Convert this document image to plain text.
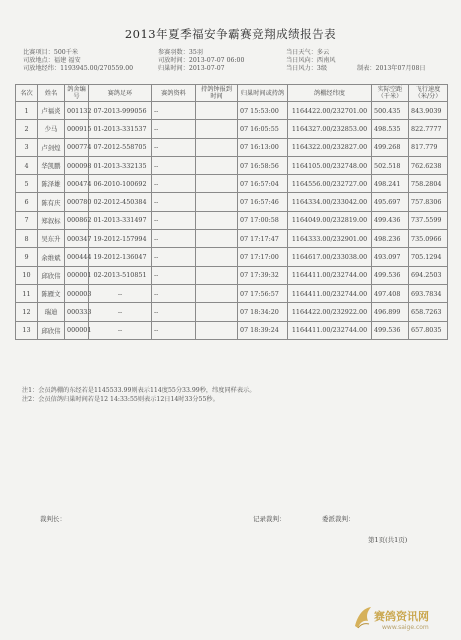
2013年夏季福安争霸赛竞翔成绩报告表
比赛项目：500千米	参赛羽数：35羽	当日天气：多云
司放地点：福建 福安	司放时间：2013-07-07 06:00	当日风向：西南风
司放地经纬：1193945.00/270559.00	归巢时间：2013-07-07	当日风力：3级	制表：2013年07月08日
名次	姓名	鸽舍编号	赛鸽足环	赛鸽资料	持鸽钟报到时间	归巢时间或持鸽	鸽棚经纬度	实际空距（千米）	飞行速度（米/分）
1	卢福炎	001132	07-2013-999056	--		07 15:53:00	1164422.00/232701.00	500.435	843.9039
2	少马	000915	01-2013-331537	--		07 16:05:55	1164327.00/232853.00	498.535	822.7777
3	卢剑煌	000774	07-2012-558705	--		07 16:13:00	1164322.00/232827.00	499.268	817.779
4	华凯鹏	000098	01-2013-332135	--		07 16:58:56	1164105.00/232748.00	502.518	762.6238
5	陈泽雄	000474	06-2010-100692	--		07 16:57:04	1164556.00/232727.00	498.241	758.2804
6	陈有庆	000780	02-2012-450384	--		07 16:57:46	1164334.00/233042.00	495.697	757.8306
7	郑叙标	000862	01-2013-331497	--		07 17:00:58	1164049.00/232819.00	499.436	737.5599
8	吴东升	000347	19-2012-157994	--		07 17:17:47	1164333.00/232901.00	498.236	735.0966
9	余维斌	000444	19-2012-136047	--		07 17:17:00	1164617.00/233038.00	493.097	705.1294
10	邱欣伟	000001	02-2013-510851	--		07 17:39:32	1164411.00/232744.00	499.536	694.2503
11	陈雁文	000003	--	--		07 17:56:57	1164411.00/232744.00	497.408	693.7834
12	瑞迪	000333	--	--		07 18:34:20	1164422.00/232922.00	496.899	658.7263
13	邱欣伟	000001	--	--		07 18:39:24	1164411.00/232744.00	499.536	657.8035
注1：会员鸽棚的东经若是1145533.99则表示114度55分33.99秒，纬度同样表示。
注2：会员信鸽归巢时间若是12 14:33:55则表示12日14时33分55秒。
裁判长：	记录裁判：	委派裁判：
第1页(共1页)
赛鸽资讯网
www.saige.com
